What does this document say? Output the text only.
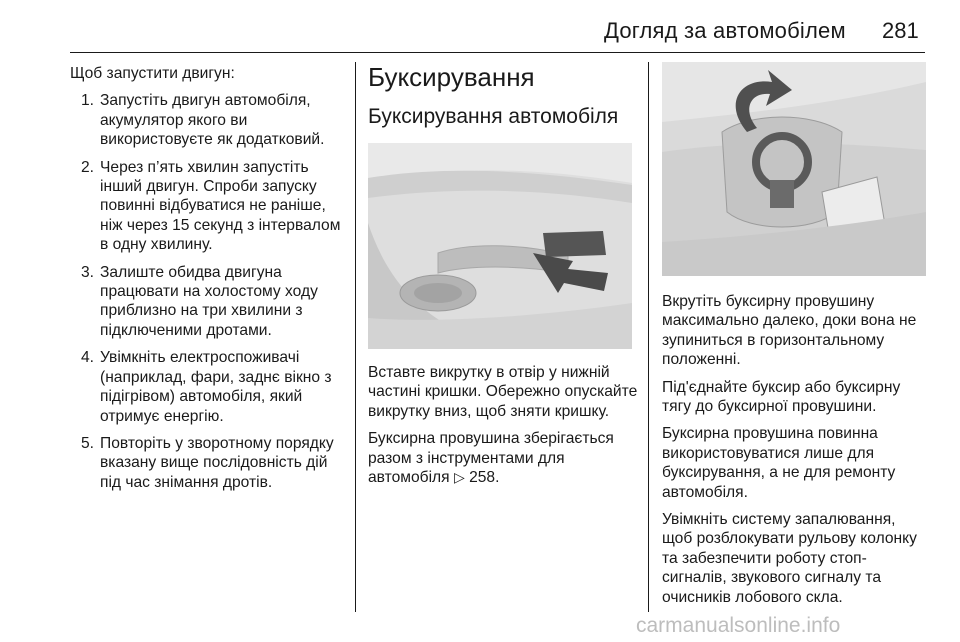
Догляд за автомобілем 281

Щоб запустити двигун:

1. Запустіть двигун автомобіля, акумулятор якого ви використовуєте як додатковий.
2. Через п’ять хвилин запустіть інший двигун. Спроби запуску повинні відбуватися не раніше, ніж через 15 секунд з інтервалом в одну хвилину.
3. Залиште обидва двигуна працювати на холостому ходу приблизно на три хвилини з підключеними дротами.
4. Увімкніть електроспоживачі (наприклад, фари, заднє вікно з підігрівом) автомобіля, який отримує енергію.
5. Повторіть у зворотному порядку вказану вище послідовність дій під час знімання дротів.
Буксирування
Буксирування автомобіля

Вставте викрутку в отвір у нижній частині кришки. Обережно опускайте викрутку вниз, щоб зняти кришку.

Буксирна провушина зберігається разом з інструментами для автомобіля ▷ 258.

Вкрутіть буксирну провушину максимально далеко, доки вона не зупиниться в горизонтальному положенні.

Під'єднайте буксир або буксирну тягу до буксирної провушини.

Буксирна провушина повинна використовуватися лише для буксирування, а не для ремонту автомобіля.

Увімкніть систему запалювання, щоб розблокувати рульову колонку та забезпечити роботу стоп-сигналів, звукового сигналу та очисників лобового скла.

carmanualsonline.info
